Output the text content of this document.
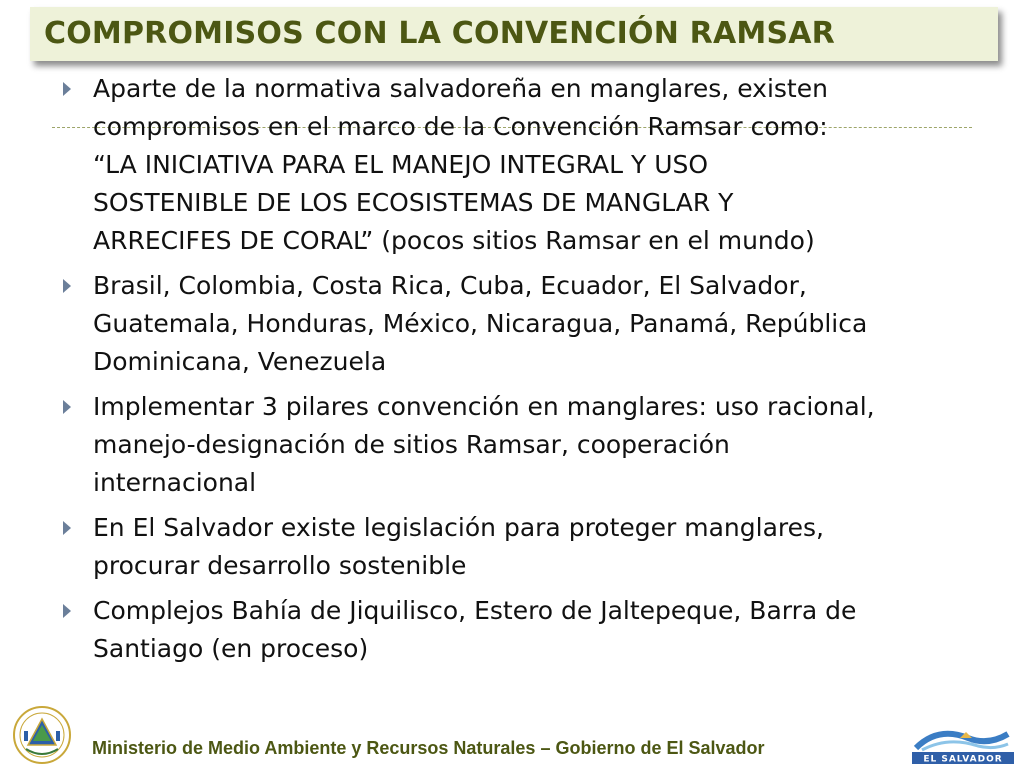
COMPROMISOS CON LA CONVENCIÓN RAMSAR
Aparte de la normativa salvadoreña en manglares, existen
compromisos en el marco de la Convención Ramsar como:
“LA INICIATIVA PARA EL MANEJO INTEGRAL Y USO
SOSTENIBLE DE LOS ECOSISTEMAS DE MANGLAR Y
ARRECIFES DE CORAL” (pocos sitios Ramsar en el mundo)
Brasil, Colombia, Costa Rica, Cuba, Ecuador, El Salvador,
Guatemala, Honduras, México, Nicaragua, Panamá, República
Dominicana, Venezuela
Implementar 3 pilares convención en manglares: uso racional,
manejo-designación de sitios Ramsar, cooperación
internacional
En El Salvador existe legislación para proteger manglares,
procurar desarrollo sostenible
Complejos Bahía de Jiquilisco, Estero de Jaltepeque, Barra de
Santiago (en proceso)
Ministerio de Medio Ambiente y Recursos Naturales – Gobierno de El Salvador
EL SALVADOR
